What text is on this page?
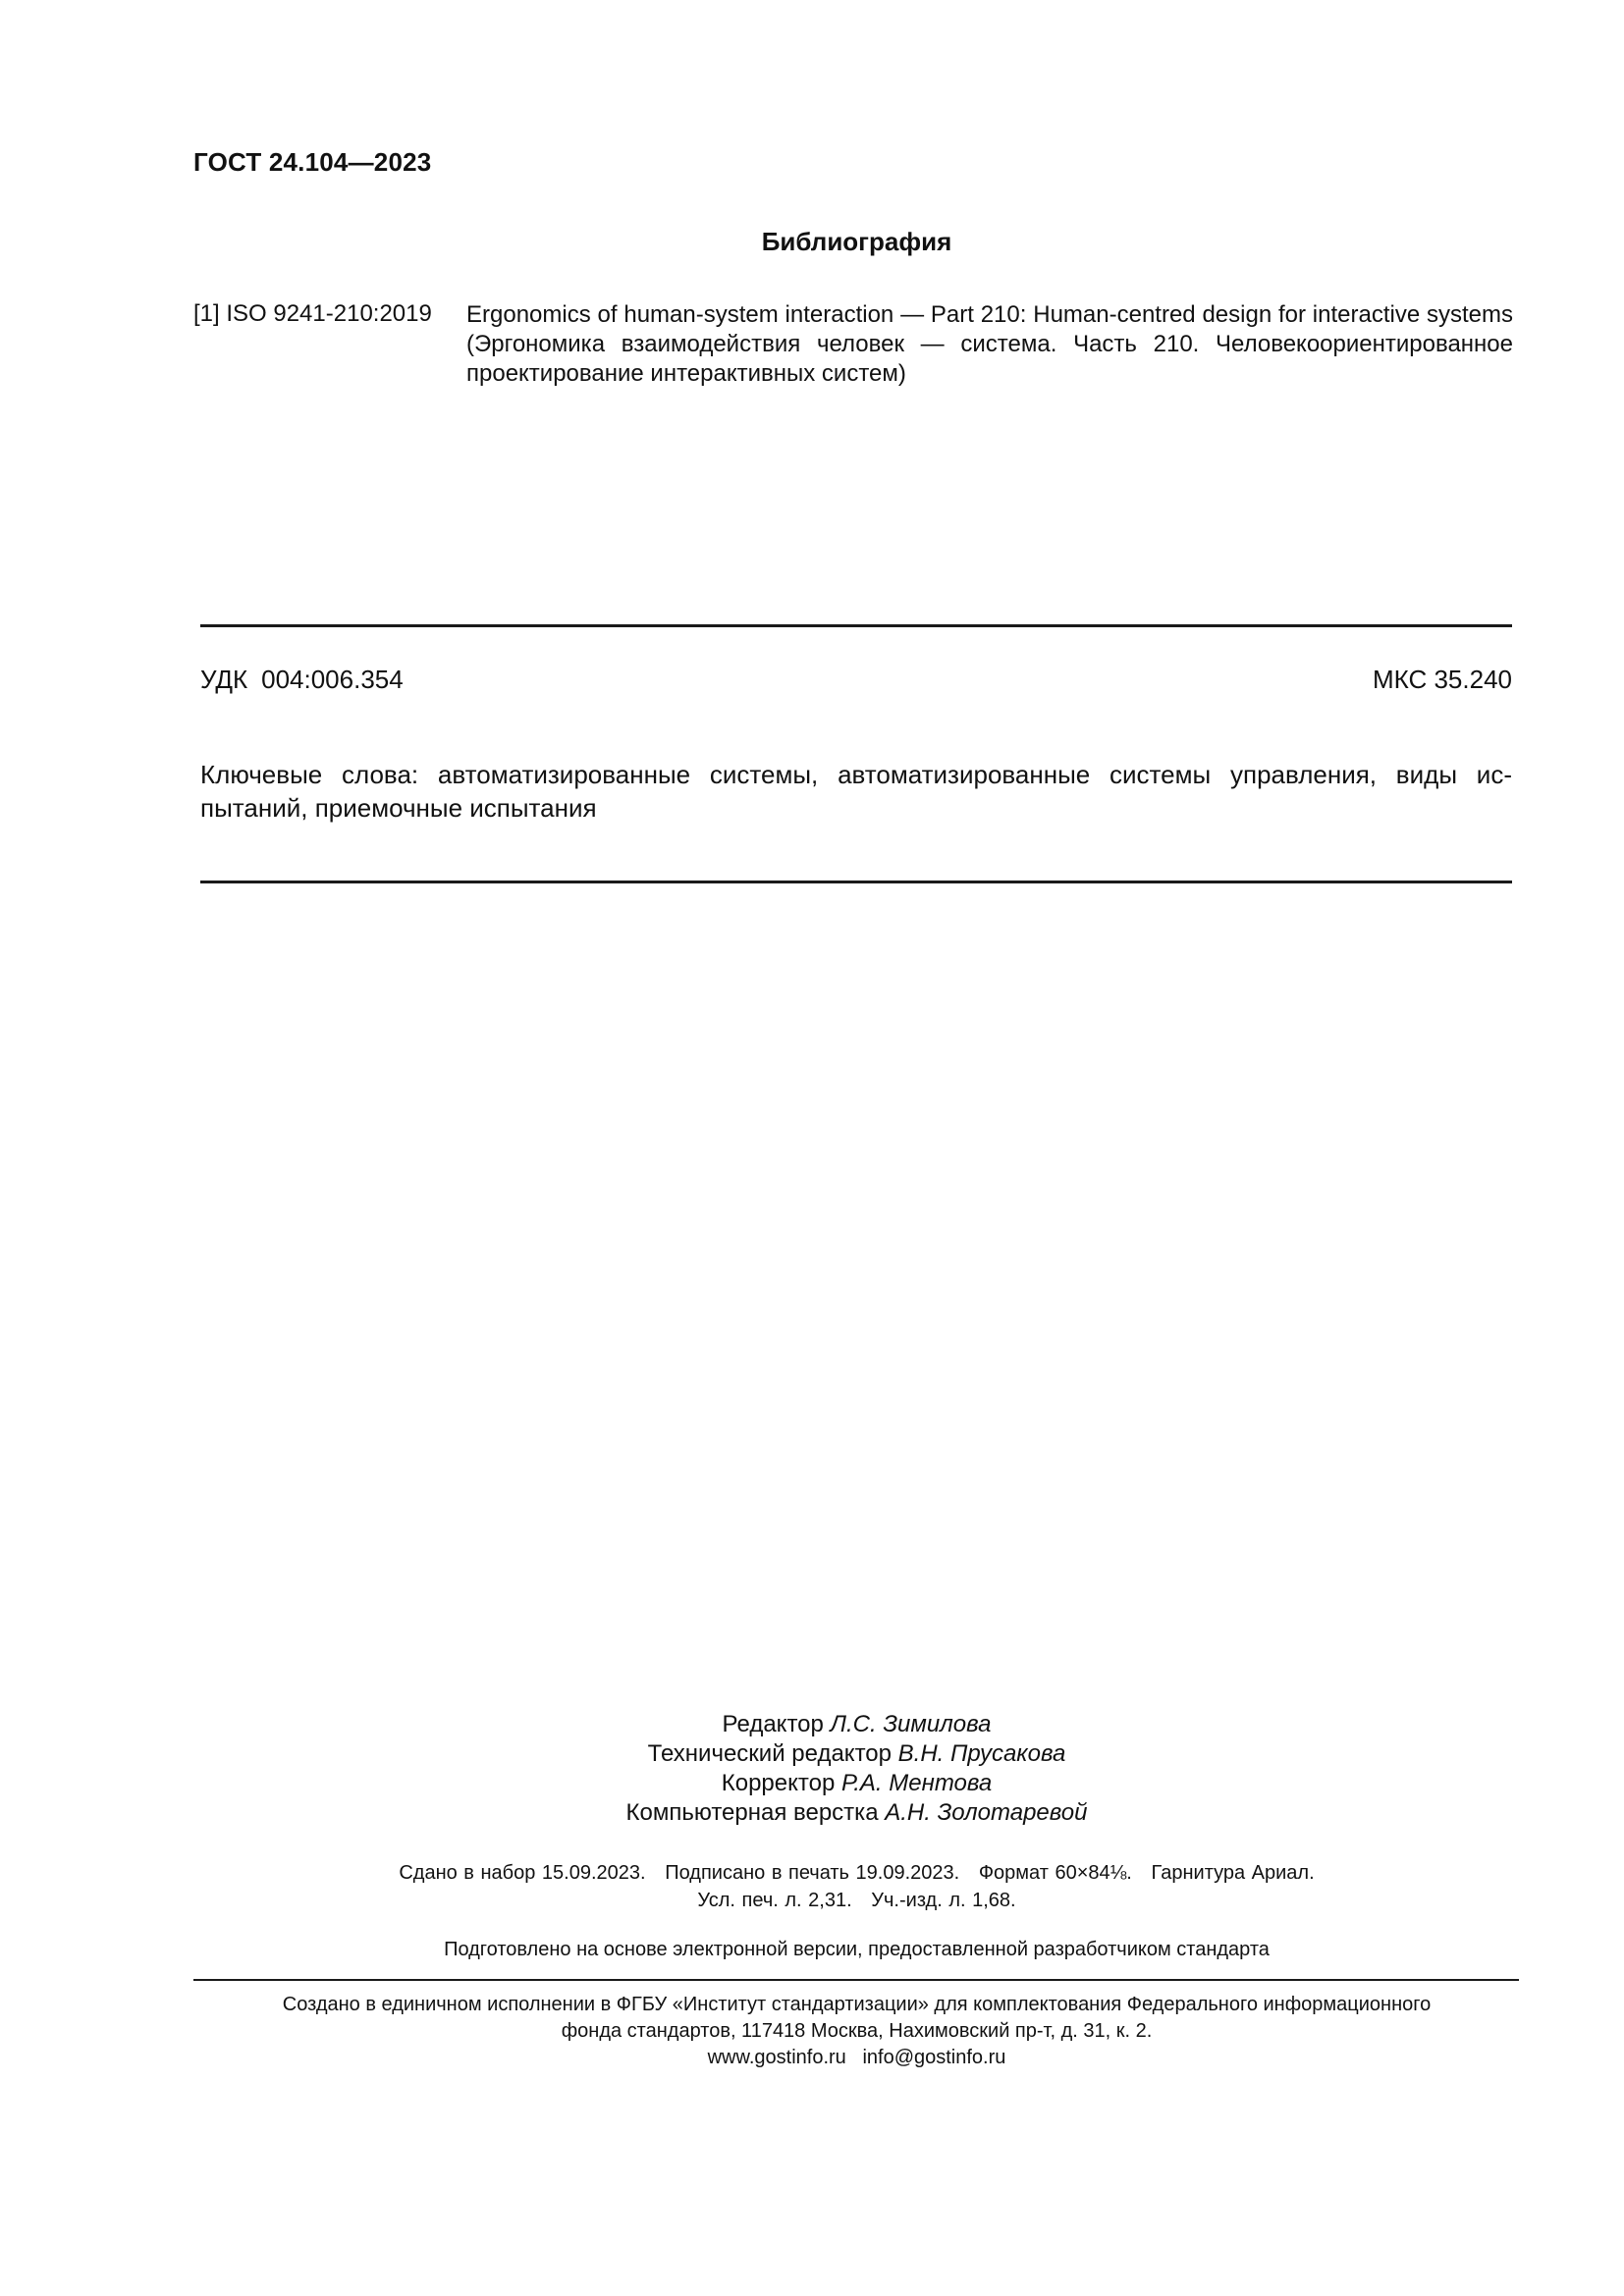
ГОСТ 24.104—2023
Библиография
[1] ISO 9241-210:2019 Ergonomics of human-system interaction — Part 210: Human-centred design for interactive systems (Эргономика взаимодействия человек — система. Часть 210. Человекоориентированное проектирование интерактивных систем)
УДК 004:006.354	МКС 35.240
Ключевые слова: автоматизированные системы, автоматизированные системы управления, виды испытаний, приемочные испытания
Редактор Л.С. Зимилова
Технический редактор В.Н. Прусакова
Корректор Р.А. Ментова
Компьютерная верстка А.Н. Золотаревой
Сдано в набор 15.09.2023.   Подписано в печать 19.09.2023.   Формат 60×84⅛.   Гарнитура Ариал.
Усл. печ. л. 2,31.   Уч.-изд. л. 1,68.
Подготовлено на основе электронной версии, предоставленной разработчиком стандарта
Создано в единичном исполнении в ФГБУ «Институт стандартизации» для комплектования Федерального информационного
фонда стандартов, 117418 Москва, Нахимовский пр-т, д. 31, к. 2.
www.gostinfo.ru info@gostinfo.ru
